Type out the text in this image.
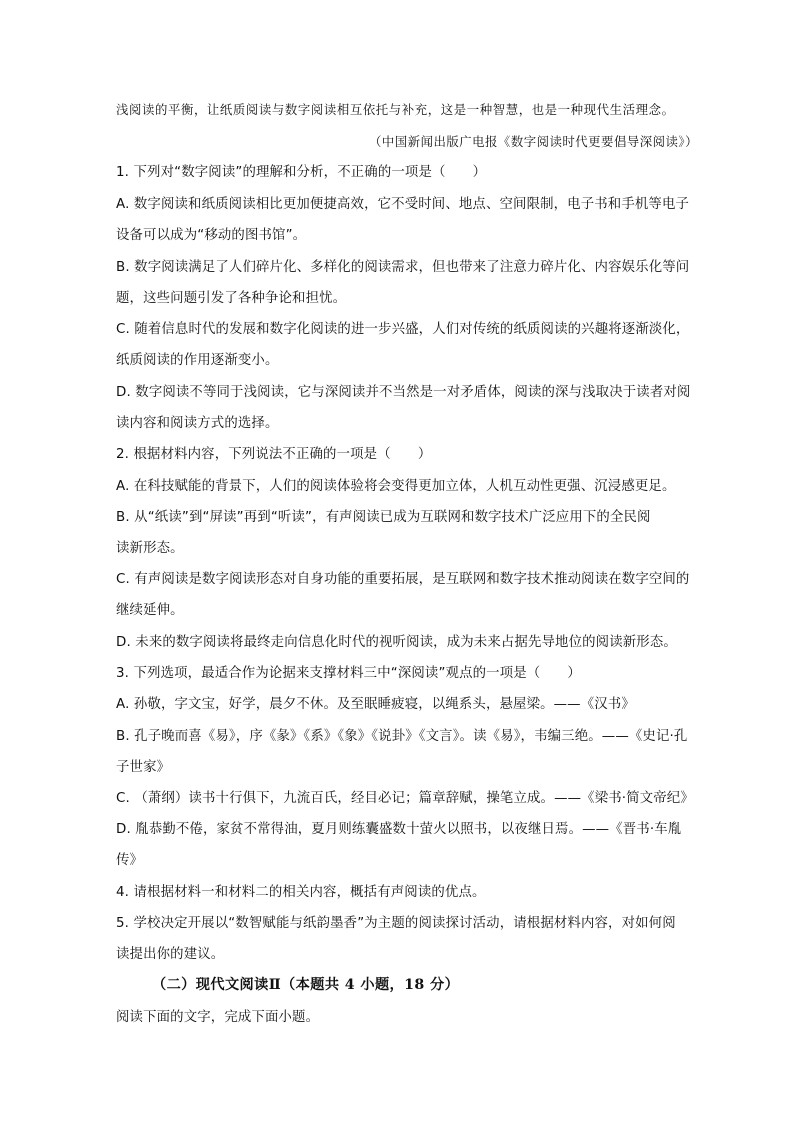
浅阅读的平衡，让纸质阅读与数字阅读相互依托与补充，这是一种智慧，也是一种现代生活理念。
（中国新闻出版广电报《数字阅读时代更要倡导深阅读》）
1. 下列对“数字阅读”的理解和分析，不正确的一项是（　　）
A. 数字阅读和纸质阅读相比更加便捷高效，它不受时间、地点、空间限制，电子书和手机等电子
设备可以成为“移动的图书馆”。
B. 数字阅读满足了人们碎片化、多样化的阅读需求，但也带来了注意力碎片化、内容娱乐化等问
题，这些问题引发了各种争论和担忧。
C. 随着信息时代的发展和数字化阅读的进一步兴盛，人们对传统的纸质阅读的兴趣将逐渐淡化，
纸质阅读的作用逐渐变小。
D. 数字阅读不等同于浅阅读，它与深阅读并不当然是一对矛盾体，阅读的深与浅取决于读者对阅
读内容和阅读方式的选择。
2. 根据材料内容，下列说法不正确的一项是（　　）
A. 在科技赋能的背景下，人们的阅读体验将会变得更加立体，人机互动性更强、沉浸感更足。
B. 从“纸读”到“屏读”再到“听读”，有声阅读已成为互联网和数字技术广泛应用下的全民阅
读新形态。
C. 有声阅读是数字阅读形态对自身功能的重要拓展，是互联网和数字技术推动阅读在数字空间的
继续延伸。
D. 未来的数字阅读将最终走向信息化时代的视听阅读，成为未来占据先导地位的阅读新形态。
3. 下列选项，最适合作为论据来支撑材料三中“深阅读”观点的一项是（　　）
A. 孙敬，字文宝，好学，晨夕不休。及至眠睡疲寝，以绳系头，悬屋梁。——《汉书》
B. 孔子晚而喜《易》，序《彖》《系》《象》《说卦》《文言》。读《易》，韦编三绝。——《史记·孔
子世家》
C. （萧纲）读书十行俱下，九流百氏，经目必记；篇章辞赋，操笔立成。——《梁书·简文帝纪》
D. 胤恭勤不倦，家贫不常得油，夏月则练囊盛数十萤火以照书，以夜继日焉。——《晋书·车胤
传》
4. 请根据材料一和材料二的相关内容，概括有声阅读的优点。
5. 学校决定开展以“数智赋能与纸韵墨香”为主题的阅读探讨活动，请根据材料内容，对如何阅
读提出你的建议。
（二）现代文阅读Ⅱ（本题共 4 小题，18 分）
阅读下面的文字，完成下面小题。
